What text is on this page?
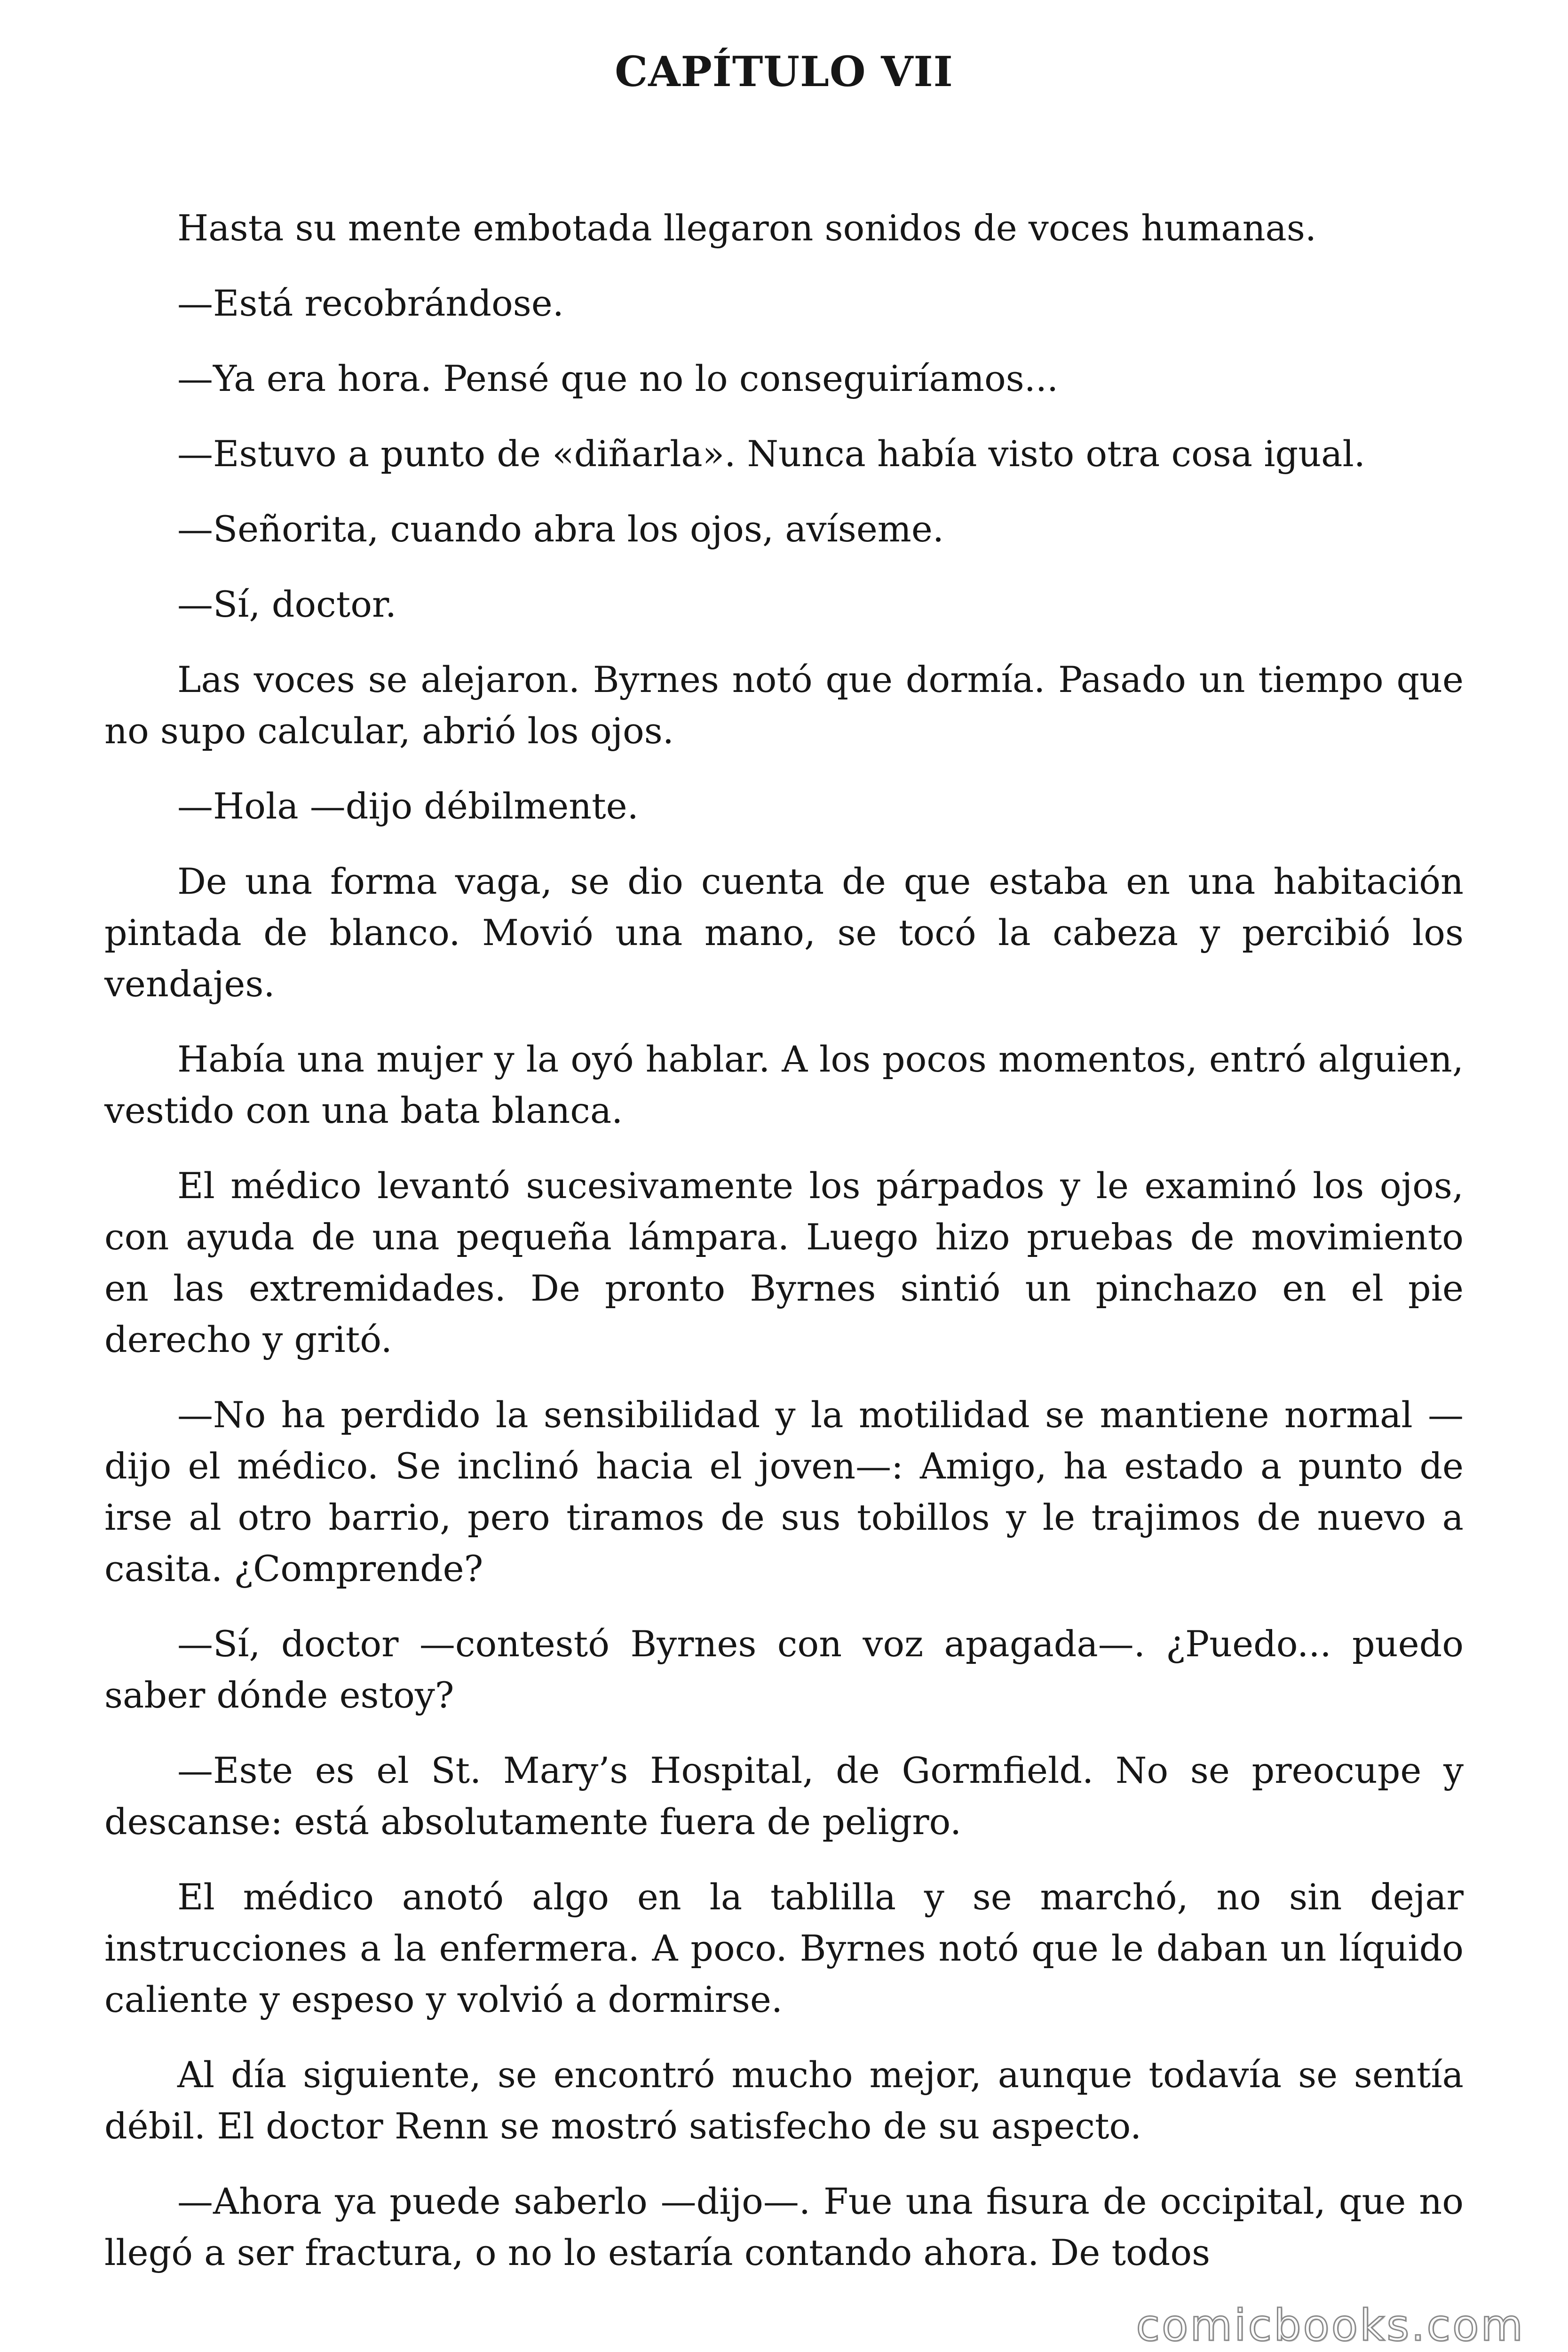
CAPÍTULO VII

Hasta su mente embotada llegaron sonidos de voces humanas.

—Está recobrándose.

—Ya era hora. Pensé que no lo conseguiríamos...

—Estuvo a punto de «diñarla». Nunca había visto otra cosa igual.

—Señorita, cuando abra los ojos, avíseme.

—Sí, doctor.

Las voces se alejaron. Byrnes notó que dormía. Pasado un tiempo que no supo calcular, abrió los ojos.

—Hola —dijo débilmente.

De una forma vaga, se dio cuenta de que estaba en una habitación pintada de blanco. Movió una mano, se tocó la cabeza y percibió los vendajes.

Había una mujer y la oyó hablar. A los pocos momentos, entró alguien, vestido con una bata blanca.

El médico levantó sucesivamente los párpados y le examinó los ojos, con ayuda de una pequeña lámpara. Luego hizo pruebas de movimiento en las extremidades. De pronto Byrnes sintió un pinchazo en el pie derecho y gritó.

—No ha perdido la sensibilidad y la motilidad se mantiene normal —dijo el médico. Se inclinó hacia el joven—: Amigo, ha estado a punto de irse al otro barrio, pero tiramos de sus tobillos y le trajimos de nuevo a casita. ¿Comprende?

—Sí, doctor —contestó Byrnes con voz apagada—. ¿Puedo... puedo saber dónde estoy?

—Este es el St. Mary’s Hospital, de Gormfield. No se preocupe y descanse: está absolutamente fuera de peligro.

El médico anotó algo en la tablilla y se marchó, no sin dejar instrucciones a la enfermera. A poco. Byrnes notó que le daban un líquido caliente y espeso y volvió a dormirse.

Al día siguiente, se encontró mucho mejor, aunque todavía se sentía débil. El doctor Renn se mostró satisfecho de su aspecto.

—Ahora ya puede saberlo —dijo—. Fue una fisura de occipital, que no llegó a ser fractura, o no lo estaría contando ahora. De todos

comicbooks.com
